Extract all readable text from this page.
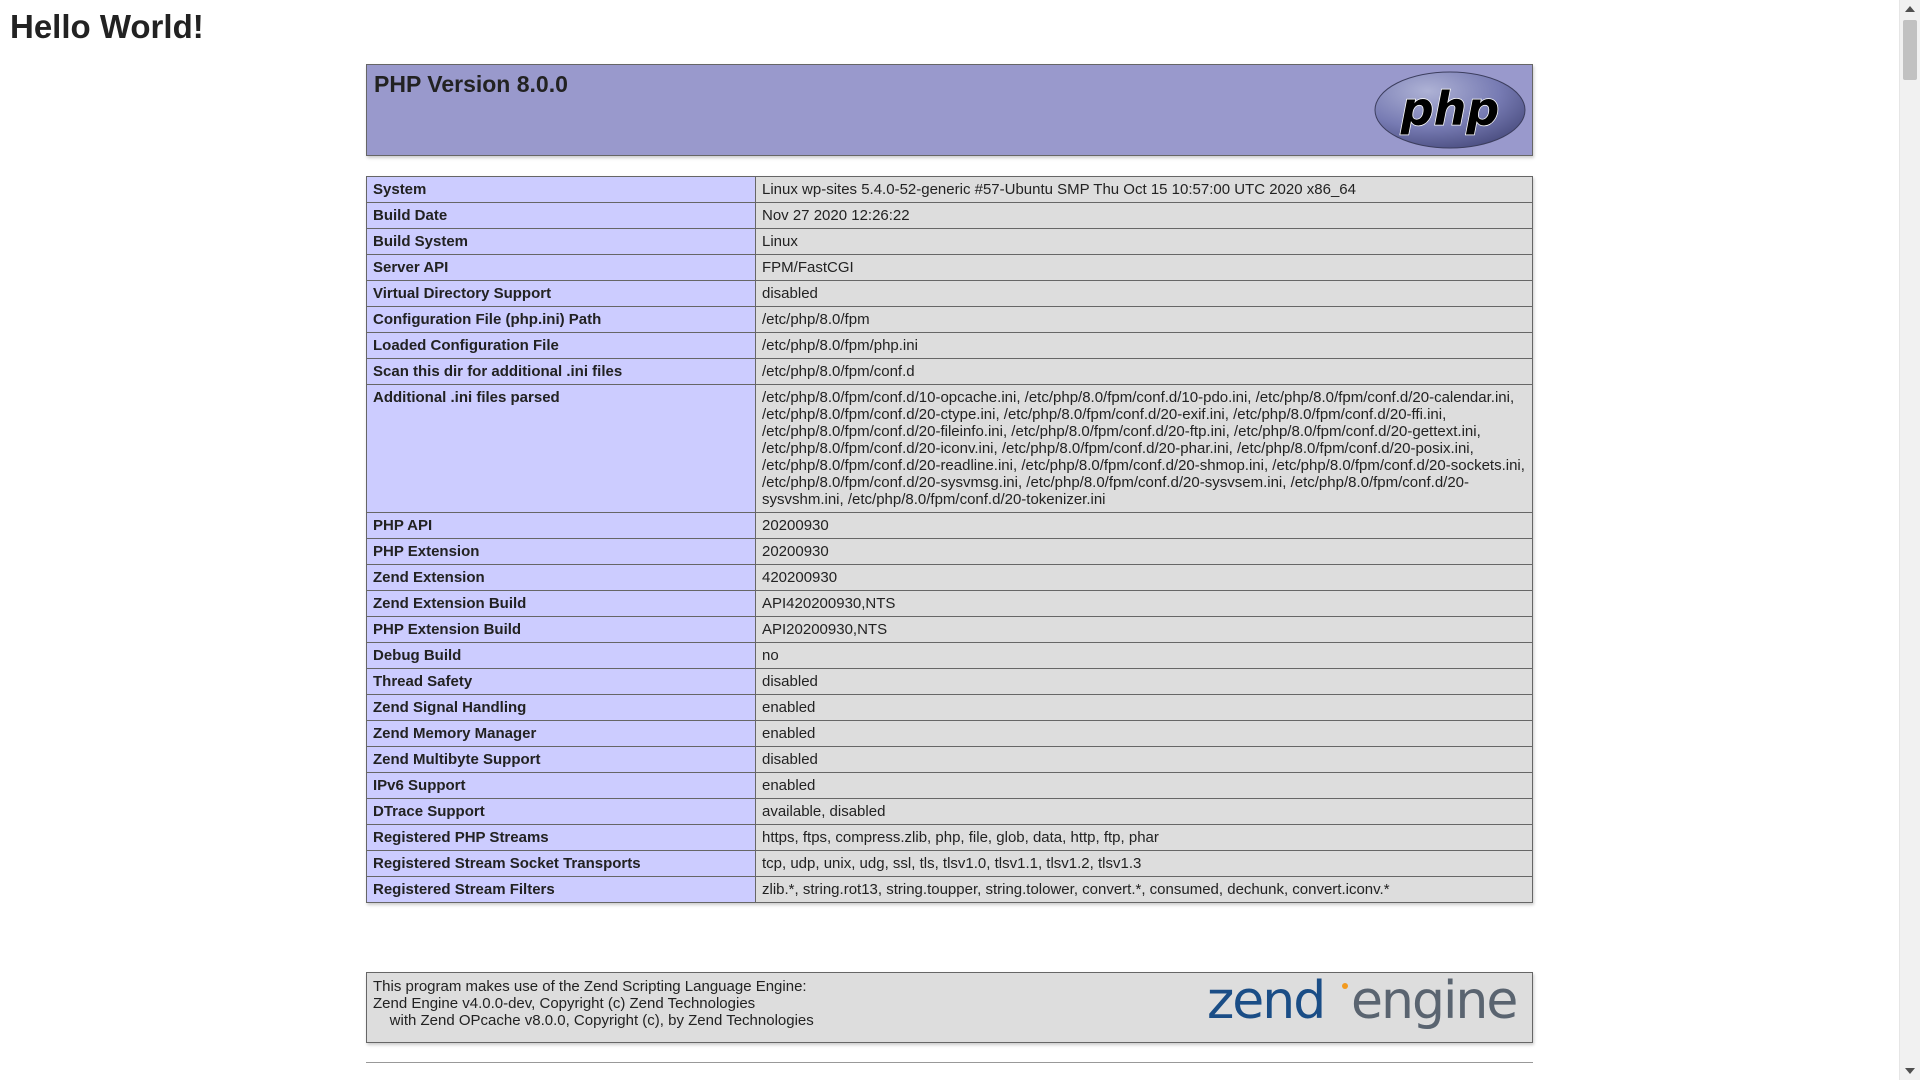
Hello World!
PHP Version 8.0.0	php
System	Linux wp-sites 5.4.0-52-generic #57-Ubuntu SMP Thu Oct 15 10:57:00 UTC 2020 x86_64
Build Date	Nov 27 2020 12:26:22
Build System	Linux
Server API	FPM/FastCGI
Virtual Directory Support	disabled
Configuration File (php.ini) Path	/etc/php/8.0/fpm
Loaded Configuration File	/etc/php/8.0/fpm/php.ini
Scan this dir for additional .ini files	/etc/php/8.0/fpm/conf.d
Additional .ini files parsed	/etc/php/8.0/fpm/conf.d/10-opcache.ini, /etc/php/8.0/fpm/conf.d/10-pdo.ini, /etc/php/8.0/fpm/conf.d/20-calendar.ini, /etc/php/8.0/fpm/conf.d/20-ctype.ini, /etc/php/8.0/fpm/conf.d/20-exif.ini, /etc/php/8.0/fpm/conf.d/20-ffi.ini, /etc/php/8.0/fpm/conf.d/20-fileinfo.ini, /etc/php/8.0/fpm/conf.d/20-ftp.ini, /etc/php/8.0/fpm/conf.d/20-gettext.ini, /etc/php/8.0/fpm/conf.d/20-iconv.ini, /etc/php/8.0/fpm/conf.d/20-phar.ini, /etc/php/8.0/fpm/conf.d/20-posix.ini, /etc/php/8.0/fpm/conf.d/20-readline.ini, /etc/php/8.0/fpm/conf.d/20-shmop.ini, /etc/php/8.0/fpm/conf.d/20-sockets.ini, /etc/php/8.0/fpm/conf.d/20-sysvmsg.ini, /etc/php/8.0/fpm/conf.d/20-sysvsem.ini, /etc/php/8.0/fpm/conf.d/20-sysvshm.ini, /etc/php/8.0/fpm/conf.d/20-tokenizer.ini
PHP API	20200930
PHP Extension	20200930
Zend Extension	420200930
Zend Extension Build	API420200930,NTS
PHP Extension Build	API20200930,NTS
Debug Build	no
Thread Safety	disabled
Zend Signal Handling	enabled
Zend Memory Manager	enabled
Zend Multibyte Support	disabled
IPv6 Support	enabled
DTrace Support	available, disabled
Registered PHP Streams	https, ftps, compress.zlib, php, file, glob, data, http, ftp, phar
Registered Stream Socket Transports	tcp, udp, unix, udg, ssl, tls, tlsv1.0, tlsv1.1, tlsv1.2, tlsv1.3
Registered Stream Filters	zlib.*, string.rot13, string.toupper, string.tolower, convert.*, consumed, dechunk, convert.iconv.*
This program makes use of the Zend Scripting Language Engine:
Zend Engine v4.0.0-dev, Copyright (c) Zend Technologies
with Zend OPcache v8.0.0, Copyright (c), by Zend Technologies	zend engine
